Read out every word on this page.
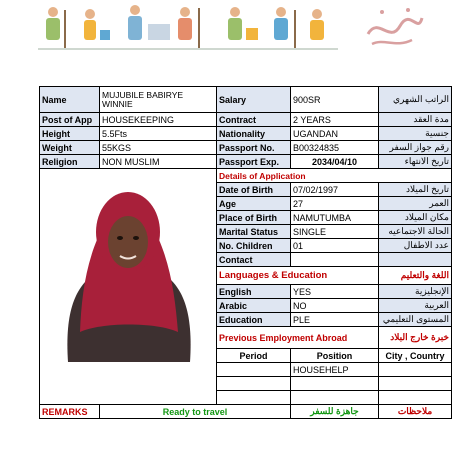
Name	MUJUBILE BABIRYE WINNIE	Salary	900SR	الراتب الشهري
Post of App	HOUSEKEEPING	Contract	2 YEARS	مدة العقد
Height	5.5Fts	Nationality	UGANDAN	جنسية
Weight	55KGS	Passport No.	B00324835	رقم جواز السفر
Religion	NON MUSLIM	Passport Exp.	2034/04/10	تاريخ الانتهاء
		Details of Application		
		Date of Birth	07/02/1997	تاريخ الميلاد
		Age	27	العمر
		Place of Birth	NAMUTUMBA	مكان الميلاد
		Marital Status	SINGLE	الحالة الاجتماعيه
		No. Children	01	عدد الاطفال
		Contact		
		Languages & Education		اللغة والتعليم
		English	YES	الإنجليزية
		Arabic	NO	العربية
		Education	PLE	المستوى التعليمي
		Previous Employment Abroad		خبرة خارج البلاد
		Period	Position	City , Country
			HOUSEHELP	

REMARKS	Ready to travel		جاهزة للسفر	ملاحظات
